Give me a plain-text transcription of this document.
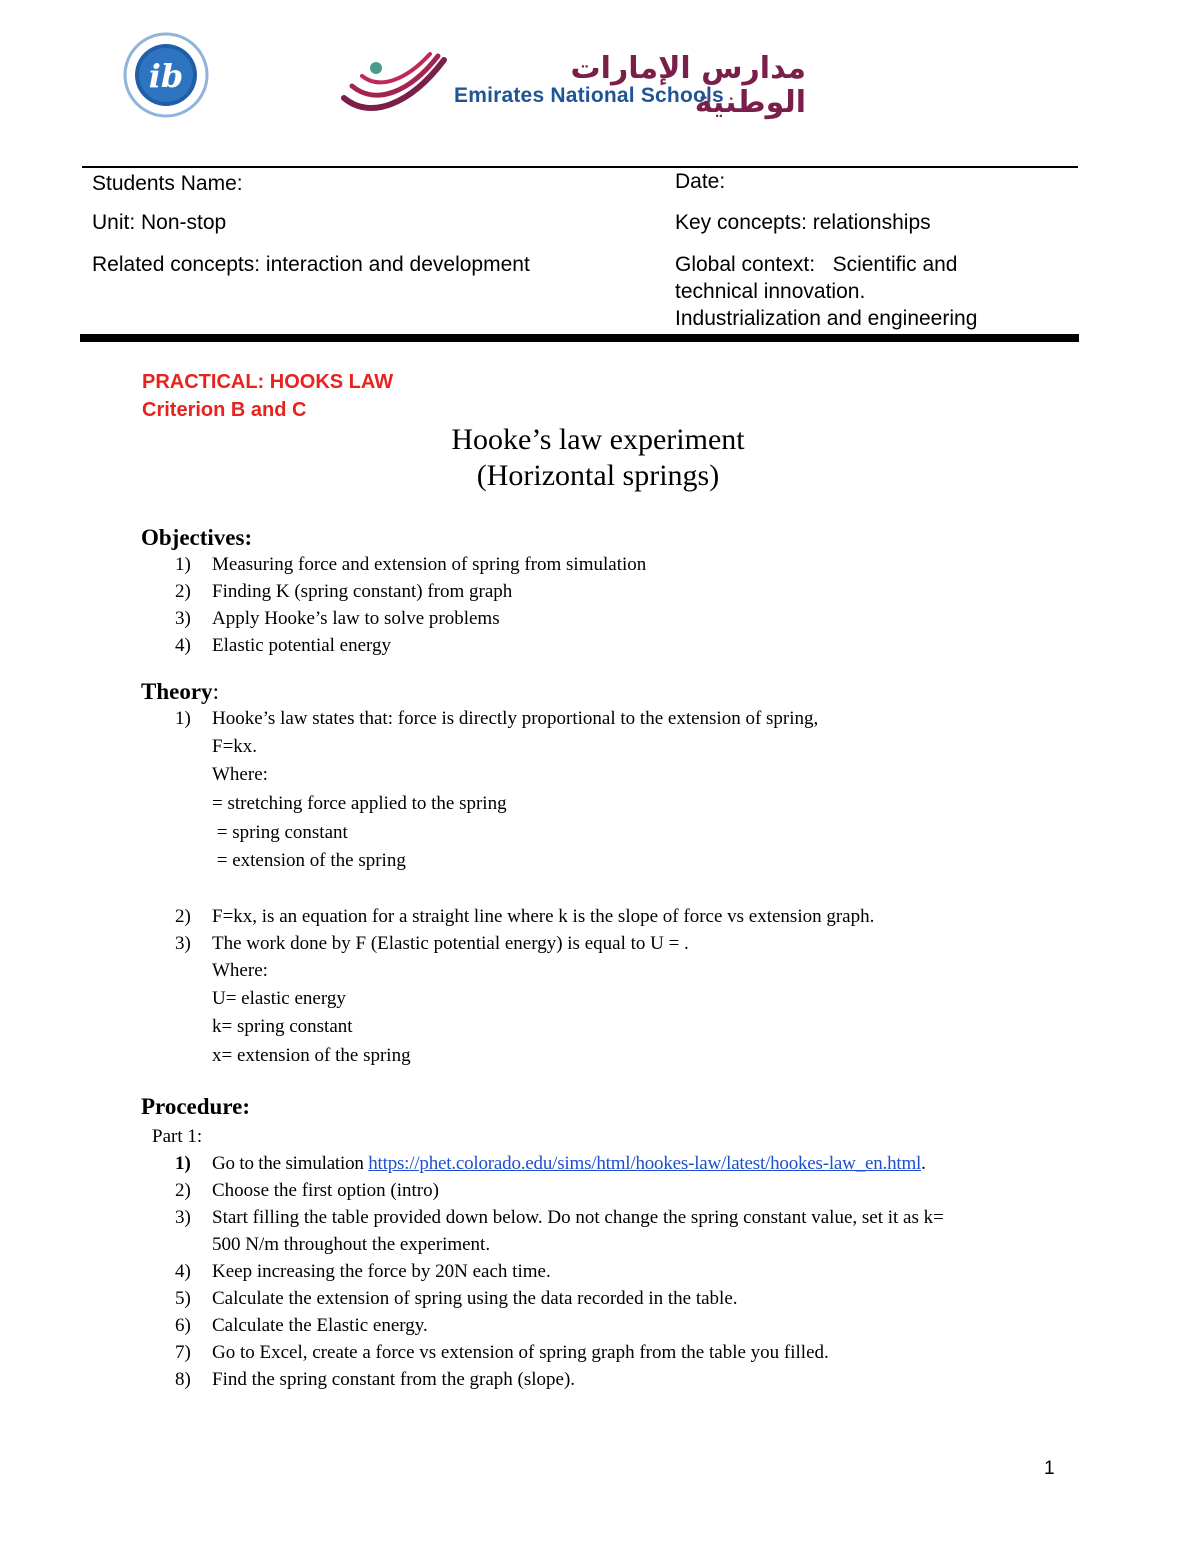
ib	مدارس الإمارات الوطنية
Emirates National Schools
Students Name:	Date:
Unit: Non-stop	Key concepts: relationships
Related concepts: interaction and development	Global context:   Scientific and
technical innovation.
Industrialization and engineering
PRACTICAL: HOOKS LAW
Criterion B and C
Hooke’s law experiment
(Horizontal springs)
Objectives:
1) Measuring force and extension of spring from simulation
2) Finding K (spring constant) from graph
3) Apply Hooke’s law to solve problems
4) Elastic potential energy
Theory:
1) Hooke’s law states that: force is directly proportional to the extension of spring,
F=kx.
Where:
= stretching force applied to the spring
= spring constant
= extension of the spring
2) F=kx, is an equation for a straight line where k is the slope of force vs extension graph.
3) The work done by F (Elastic potential energy) is equal to U = .
Where:
U= elastic energy
k= spring constant
x= extension of the spring
Procedure:
Part 1:
1) Go to the simulation https://phet.colorado.edu/sims/html/hookes-law/latest/hookes-law_en.html.
2) Choose the first option (intro)
3) Start filling the table provided down below. Do not change the spring constant value, set it as k=
500 N/m throughout the experiment.
4) Keep increasing the force by 20N each time.
5) Calculate the extension of spring using the data recorded in the table.
6) Calculate the Elastic energy.
7) Go to Excel, create a force vs extension of spring graph from the table you filled.
8) Find the spring constant from the graph (slope).
1
